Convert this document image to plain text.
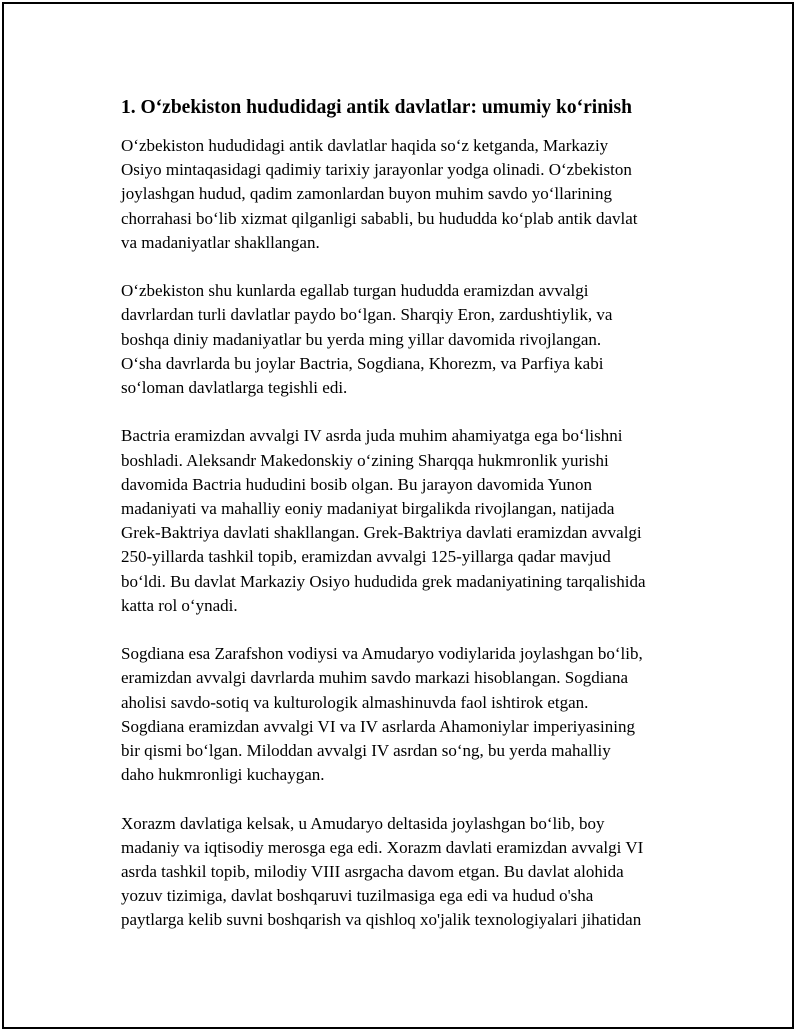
1. O‘zbekiston hududidagi antik davlatlar: umumiy ko‘rinish

O‘zbekiston hududidagi antik davlatlar haqida so‘z ketganda, Markaziy
Osiyo mintaqasidagi qadimiy tarixiy jarayonlar yodga olinadi. O‘zbekiston
joylashgan hudud, qadim zamonlardan buyon muhim savdo yo‘llarining
chorrahasi bo‘lib xizmat qilganligi sababli, bu hududda ko‘plab antik davlat
va madaniyatlar shakllangan.

O‘zbekiston shu kunlarda egallab turgan hududda eramizdan avvalgi
davrlardan turli davlatlar paydo bo‘lgan. Sharqiy Eron, zardushtiylik, va
boshqa diniy madaniyatlar bu yerda ming yillar davomida rivojlangan.
O‘sha davrlarda bu joylar Bactria, Sogdiana, Khorezm, va Parfiya kabi
so‘loman davlatlarga tegishli edi.

Bactria eramizdan avvalgi IV asrda juda muhim ahamiyatga ega bo‘lishni
boshladi. Aleksandr Makedonskiy o‘zining Sharqqa hukmronlik yurishi
davomida Bactria hududini bosib olgan. Bu jarayon davomida Yunon
madaniyati va mahalliy eoniy madaniyat birgalikda rivojlangan, natijada
Grek-Baktriya davlati shakllangan. Grek-Baktriya davlati eramizdan avvalgi
250-yillarda tashkil topib, eramizdan avvalgi 125-yillarga qadar mavjud
bo‘ldi. Bu davlat Markaziy Osiyo hududida grek madaniyatining tarqalishida
katta rol o‘ynadi.

Sogdiana esa Zarafshon vodiysi va Amudaryo vodiylarida joylashgan bo‘lib,
eramizdan avvalgi davrlarda muhim savdo markazi hisoblangan. Sogdiana
aholisi savdo-sotiq va kulturologik almashinuvda faol ishtirok etgan.
Sogdiana eramizdan avvalgi VI va IV asrlarda Ahamoniylar imperiyasining
bir qismi bo‘lgan. Miloddan avvalgi IV asrdan so‘ng, bu yerda mahalliy
daho hukmronligi kuchaygan.

Xorazm davlatiga kelsak, u Amudaryo deltasida joylashgan bo‘lib, boy
madaniy va iqtisodiy merosga ega edi. Xorazm davlati eramizdan avvalgi VI
asrda tashkil topib, milodiy VIII asrgacha davom etgan. Bu davlat alohida
yozuv tizimiga, davlat boshqaruvi tuzilmasiga ega edi va hudud o'sha
paytlarga kelib suvni boshqarish va qishloq xo'jalik texnologiyalari jihatidan
